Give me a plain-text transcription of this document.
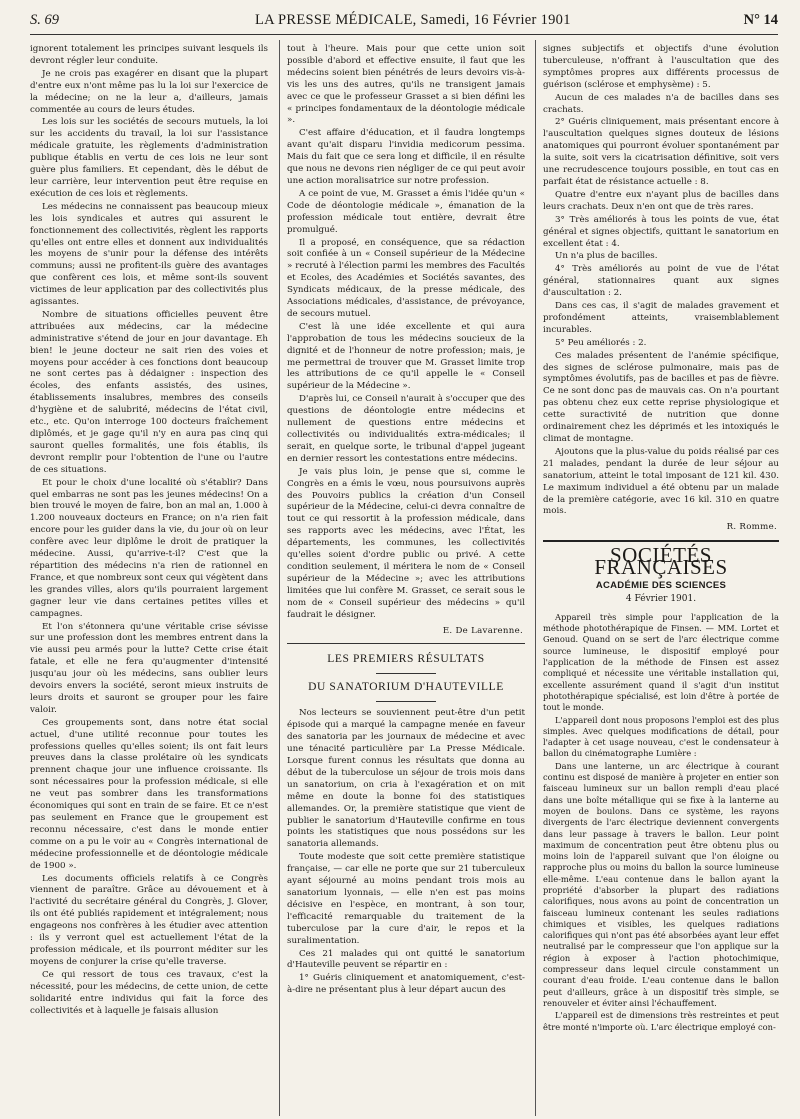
S. 69	LA PRESSE MÉDICALE, Samedi, 16 Février 1901	N° 14

ignorent totalement les principes suivant lesquels ils devront régler leur conduite.

Je ne crois pas exagérer en disant que la plupart d'entre eux n'ont même pas lu la loi sur l'exercice de la médecine; on ne la leur a, d'ailleurs, jamais commentée au cours de leurs études.

Les lois sur les sociétés de secours mutuels, la loi sur les accidents du travail, la loi sur l'assistance médicale gratuite, les règlements d'administration publique établis en vertu de ces lois ne leur sont guère plus familiers. Et cependant, dès le début de leur carrière, leur intervention peut être requise en exécution de ces lois et règlements.

Les médecins ne connaissent pas beaucoup mieux les lois syndicales et autres qui assurent le fonctionnement des collectivités, règlent les rapports qu'elles ont entre elles et donnent aux individualités les moyens de s'unir pour la défense des intérêts communs; aussi ne profitent-ils guère des avantages que confèrent ces lois, et même sont-ils souvent victimes de leur application par des collectivités plus agissantes.

Nombre de situations officielles peuvent être attribuées aux médecins, car la médecine administrative s'étend de jour en jour davantage. Eh bien! le jeune docteur ne sait rien des voies et moyens pour accéder à ces fonctions dont beaucoup ne sont certes pas à dédaigner : inspection des écoles, des enfants assistés, des usines, établissements insalubres, membres des conseils d'hygiène et de salubrité, médecins de l'état civil, etc., etc. Qu'on interroge 100 docteurs fraîchement diplômés, et je gage qu'il n'y en aura pas cinq qui sauront quelles formalités, une fois établis, ils devront remplir pour l'obtention de l'une ou l'autre de ces situations.

Et pour le choix d'une localité où s'établir? Dans quel embarras ne sont pas les jeunes médecins! On a bien trouvé le moyen de faire, bon an mal an, 1.000 à 1.200 nouveaux docteurs en France; on n'a rien fait encore pour les guider dans la vie, du jour où on leur confère avec leur diplôme le droit de pratiquer la médecine. Aussi, qu'arrive-t-il? C'est que la répartition des médecins n'a rien de rationnel en France, et que nombreux sont ceux qui végètent dans les grandes villes, alors qu'ils pourraient largement gagner leur vie dans certaines petites villes et campagnes.

Et l'on s'étonnera qu'une véritable crise sévisse sur une profession dont les membres entrent dans la vie aussi peu armés pour la lutte? Cette crise était fatale, et elle ne fera qu'augmenter d'intensité jusqu'au jour où les médecins, sans oublier leurs devoirs envers la société, seront mieux instruits de leurs droits et sauront se grouper pour les faire valoir.

Ces groupements sont, dans notre état social actuel, d'une utilité reconnue pour toutes les professions quelles qu'elles soient; ils ont fait leurs preuves dans la classe prolétaire où les syndicats prennent chaque jour une influence croissante. Ils sont nécessaires pour la profession médicale, si elle ne veut pas sombrer dans les transformations économiques qui sont en train de se faire. Et ce n'est pas seulement en France que le groupement est reconnu nécessaire, c'est dans le monde entier comme on a pu le voir au « Congrès international de médecine professionnelle et de déontologie médicale de 1900 ».

Les documents officiels relatifs à ce Congrès viennent de paraître. Grâce au dévouement et à l'activité du secrétaire général du Congrès, J. Glover, ils ont été publiés rapidement et intégralement; nous engageons nos confrères à les étudier avec attention : ils y verront quel est actuellement l'état de la profession médicale, et ils pourront méditer sur les moyens de conjurer la crise qu'elle traverse.

Ce qui ressort de tous ces travaux, c'est la nécessité, pour les médecins, de cette union, de cette solidarité entre individus qui fait la force des collectivités et à laquelle je faisais allusion

tout à l'heure. Mais pour que cette union soit possible d'abord et effective ensuite, il faut que les médecins soient bien pénétrés de leurs devoirs vis-à-vis les uns des autres, qu'ils ne transigent jamais avec ce que le professeur Grasset a si bien défini les « principes fondamentaux de la déontologie médicale ».

C'est affaire d'éducation, et il faudra longtemps avant qu'ait disparu l'invidia medicorum pessima. Mais du fait que ce sera long et difficile, il en résulte que nous ne devons rien négliger de ce qui peut avoir une action moralisatrice sur notre profession.

A ce point de vue, M. Grasset a émis l'idée qu'un « Code de déontologie médicale », émanation de la profession médicale tout entière, devrait être promulgué.

Il a proposé, en conséquence, que sa rédaction soit confiée à un « Conseil supérieur de la Médecine » recruté à l'élection parmi les membres des Facultés et Ecoles, des Académies et Sociétés savantes, des Syndicats médicaux, de la presse médicale, des Associations médicales, d'assistance, de prévoyance, de secours mutuel.

C'est là une idée excellente et qui aura l'approbation de tous les médecins soucieux de la dignité et de l'honneur de notre profession; mais, je me permettrai de trouver que M. Grasset limite trop les attributions de ce qu'il appelle le « Conseil supérieur de la Médecine ».

D'après lui, ce Conseil n'aurait à s'occuper que des questions de déontologie entre médecins et nullement de questions entre médecins et collectivités ou individualités extra-médicales; il serait, en quelque sorte, le tribunal d'appel jugeant en dernier ressort les contestations entre médecins.

Je vais plus loin, je pense que si, comme le Congrès en a émis le vœu, nous poursuivons auprès des Pouvoirs publics la création d'un Conseil supérieur de la Médecine, celui-ci devra connaître de tout ce qui ressortit à la profession médicale, dans ses rapports avec les médecins, avec l'État, les départements, les communes, les collectivités qu'elles soient d'ordre public ou privé. A cette condition seulement, il méritera le nom de « Conseil supérieur de la Médecine »; avec les attributions limitées que lui confère M. Grasset, ce serait sous le nom de « Conseil supérieur des médecins » qu'il faudrait le désigner.

E. De Lavarenne.
LES PREMIERS RÉSULTATS
DU SANATORIUM D'HAUTEVILLE

Nos lecteurs se souviennent peut-être d'un petit épisode qui a marqué la campagne menée en faveur des sanatoria par les journaux de médecine et avec une ténacité particulière par La Presse Médicale. Lorsque furent connus les résultats que donna au début de la tuberculose un séjour de trois mois dans un sanatorium, on cria à l'exagération et on mit même en doute la bonne foi des statistiques allemandes. Or, la première statistique que vient de publier le sanatorium d'Hauteville confirme en tous points les statistiques que nous possédons sur les sanatoria allemands.

Toute modeste que soit cette première statistique française, — car elle ne porte que sur 21 tuberculeux ayant séjourné au moins pendant trois mois au sanatorium lyonnais, — elle n'en est pas moins décisive en l'espèce, en montrant, à son tour, l'efficacité remarquable du traitement de la tuberculose par la cure d'air, le repos et la suralimentation.

Ces 21 malades qui ont quitté le sanatorium d'Hauteville peuvent se répartir en :

1° Guéris cliniquement et anatomiquement, c'est-à-dire ne présentant plus à leur départ aucun des

signes subjectifs et objectifs d'une évolution tuberculeuse, n'offrant à l'auscultation que des symptômes propres aux différents processus de guérison (sclérose et emphysème) : 5.

Aucun de ces malades n'a de bacilles dans ses crachats.

2° Guéris cliniquement, mais présentant encore à l'auscultation quelques signes douteux de lésions anatomiques qui pourront évoluer spontanément par la suite, soit vers la cicatrisation définitive, soit vers une recrudescence toujours possible, en tout cas en parfait état de résistance actuelle : 8.

Quatre d'entre eux n'ayant plus de bacilles dans leurs crachats. Deux n'en ont que de très rares.

3° Très améliorés à tous les points de vue, état général et signes objectifs, quittant le sanatorium en excellent état : 4.

Un n'a plus de bacilles.

4° Très améliorés au point de vue de l'état général, stationnaires quant aux signes d'auscultation : 2.

Dans ces cas, il s'agit de malades gravement et profondément atteints, vraisemblablement incurables.

5° Peu améliorés : 2.

Ces malades présentent de l'anémie spécifique, des signes de sclérose pulmonaire, mais pas de symptômes évolutifs, pas de bacilles et pas de fièvre. Ce ne sont donc pas de mauvais cas. On n'a pourtant pas obtenu chez eux cette reprise physiologique et cette suractivité de nutrition que donne ordinairement chez les déprimés et les intoxiqués le climat de montagne.

Ajoutons que la plus-value du poids réalisé par ces 21 malades, pendant la durée de leur séjour au sanatorium, atteint le total imposant de 121 kil. 430. Le maximum individuel a été obtenu par un malade de la première catégorie, avec 16 kil. 310 en quatre mois.

R. Romme.
SOCIÉTÉS FRANÇAISES
ACADÉMIE DES SCIENCES
4 Février 1901.

Appareil très simple pour l'application de la méthode photothérapique de Finsen. — MM. Lortet et Genoud. Quand on se sert de l'arc électrique comme source lumineuse, le dispositif employé pour l'application de la méthode de Finsen est assez compliqué et nécessite une véritable installation qui, excellente assurément quand il s'agit d'un institut photothérapique spécialisé, est loin d'être à portée de tout le monde.

L'appareil dont nous proposons l'emploi est des plus simples. Avec quelques modifications de détail, pour l'adapter à cet usage nouveau, c'est le condensateur à ballon du cinématographe Lumière :

Dans une lanterne, un arc électrique à courant continu est disposé de manière à projeter en entier son faisceau lumineux sur un ballon rempli d'eau placé dans une boîte métallique qui se fixe à la lanterne au moyen de boulons. Dans ce système, les rayons divergents de l'arc électrique deviennent convergents dans leur passage à travers le ballon. Leur point maximum de concentration peut être obtenu plus ou moins loin de l'appareil suivant que l'on éloigne ou rapproche plus ou moins du ballon la source lumineuse elle-même. L'eau contenue dans le ballon ayant la propriété d'absorber la plupart des radiations calorifiques, nous avons au point de concentration un faisceau lumineux contenant les seules radiations chimiques et visibles, les quelques radiations calorifiques qui n'ont pas été absorbées ayant leur effet neutralisé par le compresseur que l'on applique sur la région à exposer à l'action photochimique, compresseur dans lequel circule constamment un courant d'eau froide. L'eau contenue dans le ballon peut d'ailleurs, grâce à un dispositif très simple, se renouveler et éviter ainsi l'échauffement.

L'appareil est de dimensions très restreintes et peut être monté n'importe où. L'arc électrique employé con-
